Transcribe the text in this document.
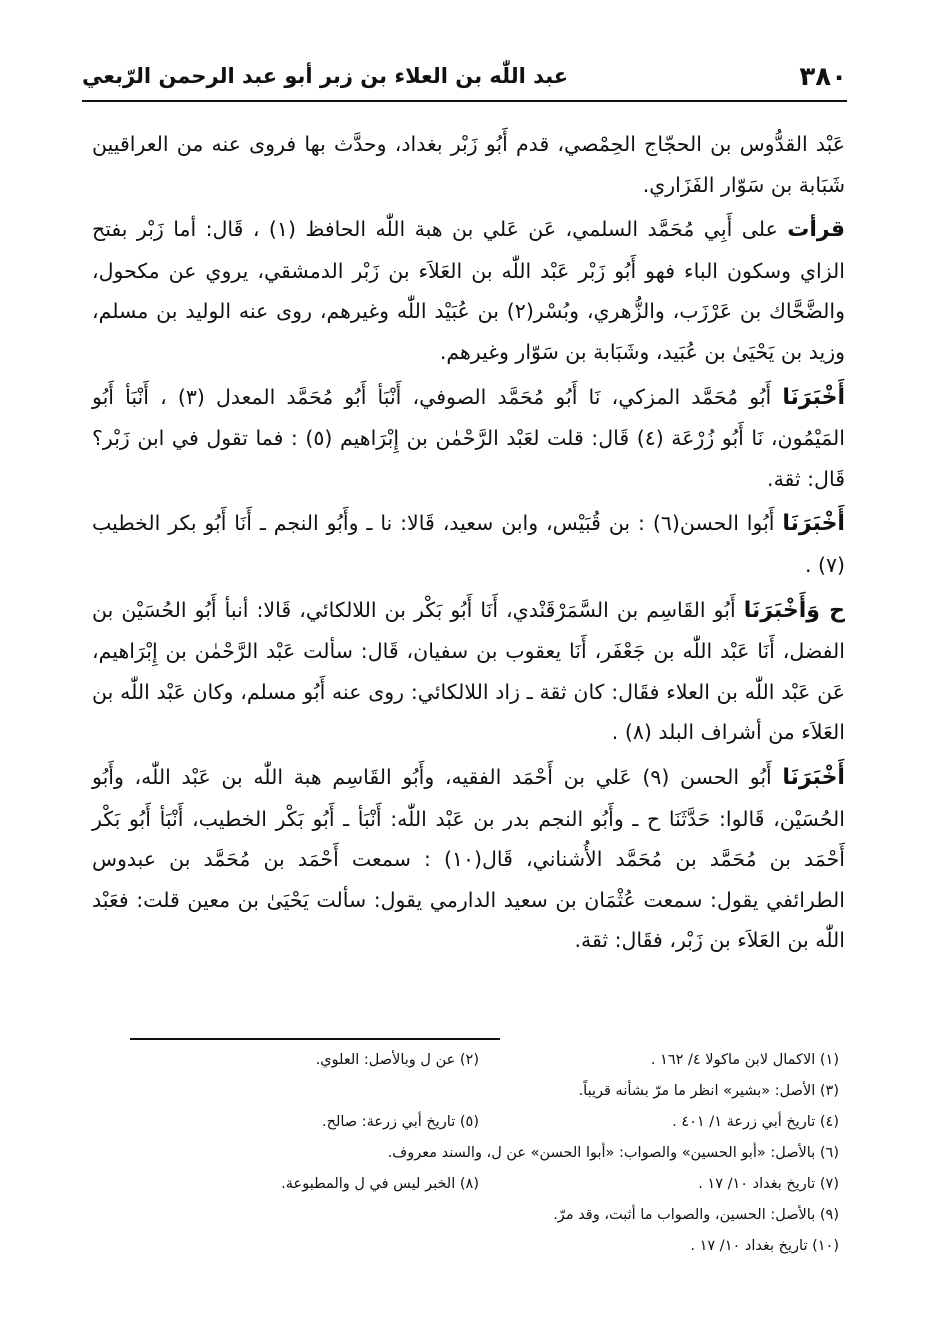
٣٨٠
عبد اللّٰه بن العلاء بن زبر أبو عبد الرحمن الرّبعي

عَبْد القدُّوس بن الحجّاج الحِمْصي، قدم أَبُو زَبْر بغداد، وحدَّث بها فروى عنه من العراقيين شَبَابة بن سَوّار الفَزَاري.

قرأت على أَبِي مُحَمَّد السلمي، عَن عَلي بن هبة اللّٰه الحافظ (١) ، قَال: أما زَبْر بفتح الزاي وسكون الباء فهو أَبُو زَبْر عَبْد اللّٰه بن العَلاَء بن زَبْر الدمشقي، يروي عن مكحول، والضَّحَّاك بن عَرْزَب، والزُّهري، وبُسْر(٢) بن عُبَيْد اللّٰه وغيرهم، روى عنه الوليد بن مسلم، وزيد بن يَحْيَىٰ بن عُبَيد، وشَبَابة بن سَوّار وغيرهم.

أَخْبَرَنَا أَبُو مُحَمَّد المزكي، نَا أَبُو مُحَمَّد الصوفي، أَنْبَأ أَبُو مُحَمَّد المعدل (٣) ، أَنْبَأ أَبُو المَيْمُون، نَا أَبُو زُرْعَة (٤) قَال: قلت لعَبْد الرَّحْمٰن بن إِبْرَاهيم (٥) : فما تقول في ابن زَبْر؟ قَال: ثقة.

أَخْبَرَنَا أَبُوا الحسن(٦) : بن قُبَيْس، وابن سعيد، قَالا: نا ـ وأَبُو النجم ـ أَنَا أَبُو بكر الخطيب (٧) .

ح وَأَخْبَرَنَا أَبُو القَاسِم بن السَّمَرْقَنْدي، أَنَا أَبُو بَكْر بن اللالكائي، قَالا: أنبأ أَبُو الحُسَيْن بن الفضل، أَنَا عَبْد اللّٰه بن جَعْفَر، أَنَا يعقوب بن سفيان، قَال: سألت عَبْد الرَّحْمٰن بن إِبْرَاهيم، عَن عَبْد اللّٰه بن العلاء فقَال: كان ثقة ـ زاد اللالكائي: روى عنه أَبُو مسلم، وكان عَبْد اللّٰه بن العَلاَء من أشراف البلد (٨) .

أَخْبَرَنَا أَبُو الحسن (٩) عَلي بن أَحْمَد الفقيه، وأَبُو القَاسِم هبة اللّٰه بن عَبْد اللّٰه، وأَبُو الحُسَيْن، قَالوا: حَدَّثَنَا ح ـ وأَبُو النجم بدر بن عَبْد اللّٰه: أَنْبَأ ـ أَبُو بَكْر الخطيب، أَنْبَأ أَبُو بَكْر أَحْمَد بن مُحَمَّد بن مُحَمَّد الأُشناني، قَال(١٠) : سمعت أَحْمَد بن مُحَمَّد بن عبدوس الطرائفي يقول: سمعت عُثْمَان بن سعيد الدارمي يقول: سألت يَحْيَىٰ بن معين قلت: فعَبْد اللّٰه بن العَلاَء بن زَبْر، فقَال: ثقة.

(١) الاكمال لابن ماكولا ٤/ ١٦٢ .
(٢) عن ل وبالأصل: العلوي.
(٣) الأصل: «بشير» انظر ما مرّ بشأنه قريباً.
(٤) تاريخ أبي زرعة ١/ ٤٠١ .
(٥) تاريخ أبي زرعة: صالح.
(٦) بالأصل: «أبو الحسين» والصواب: «أبوا الحسن» عن ل، والسند معروف.
(٧) تاريخ بغداد ١٠/ ١٧ .
(٨) الخبر ليس في ل والمطبوعة.
(٩) بالأصل: الحسين، والصواب ما أثبت، وقد مرّ.
(١٠) تاريخ بغداد ١٠/ ١٧ .
